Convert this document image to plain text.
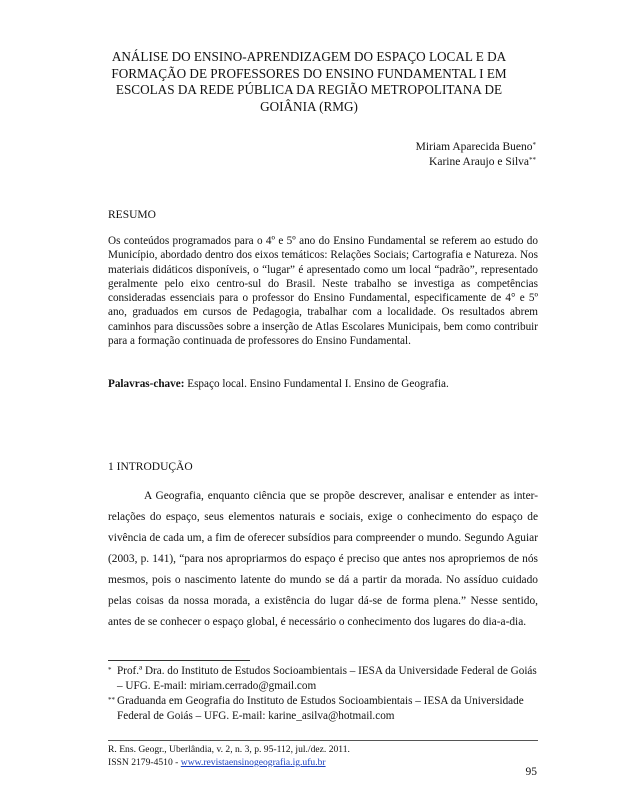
ANÁLISE DO ENSINO-APRENDIZAGEM DO ESPAÇO LOCAL E DA
FORMAÇÃO DE PROFESSORES DO ENSINO FUNDAMENTAL I EM
ESCOLAS DA REDE PÚBLICA DA REGIÃO METROPOLITANA DE
GOIÂNIA (RMG)
Miriam Aparecida Bueno*
Karine Araujo e Silva**
RESUMO
Os conteúdos programados para o 4º e 5º ano do Ensino Fundamental se referem ao estudo do Município, abordado dentro dos eixos temáticos: Relações Sociais; Cartografia e Natureza. Nos materiais didáticos disponíveis, o “lugar” é apresentado como um local “padrão”, representado geralmente pelo eixo centro-sul do Brasil. Neste trabalho se investiga as competências consideradas essenciais para o professor do Ensino Fundamental, especificamente de 4° e 5º ano, graduados em cursos de Pedagogia, trabalhar com a localidade. Os resultados abrem caminhos para discussões sobre a inserção de Atlas Escolares Municipais, bem como contribuir para a formação continuada de professores do Ensino Fundamental.
Palavras-chave: Espaço local. Ensino Fundamental I. Ensino de Geografia.
1 INTRODUÇÃO

A Geografia, enquanto ciência que se propõe descrever, analisar e entender as inter-relações do espaço, seus elementos naturais e sociais, exige o conhecimento do espaço de vivência de cada um, a fim de oferecer subsídios para compreender o mundo. Segundo Aguiar (2003, p. 141), “para nos apropriarmos do espaço é preciso que antes nos apropriemos de nós mesmos, pois o nascimento latente do mundo se dá a partir da morada. No assíduo cuidado pelas coisas da nossa morada, a existência do lugar dá-se de forma plena.” Nesse sentido, antes de se conhecer o espaço global, é necessário o conhecimento dos lugares do dia-a-dia.

* Prof.ª Dra. do Instituto de Estudos Socioambientais – IESA da Universidade Federal de Goiás – UFG. E-mail: miriam.cerrado@gmail.com
** Graduanda em Geografia do Instituto de Estudos Socioambientais – IESA da Universidade Federal de Goiás – UFG. E-mail: karine_asilva@hotmail.com
R. Ens. Geogr., Uberlândia, v. 2, n. 3, p. 95-112, jul./dez. 2011.
ISSN 2179-4510 - www.revistaensinogeografia.ig.ufu.br
95
